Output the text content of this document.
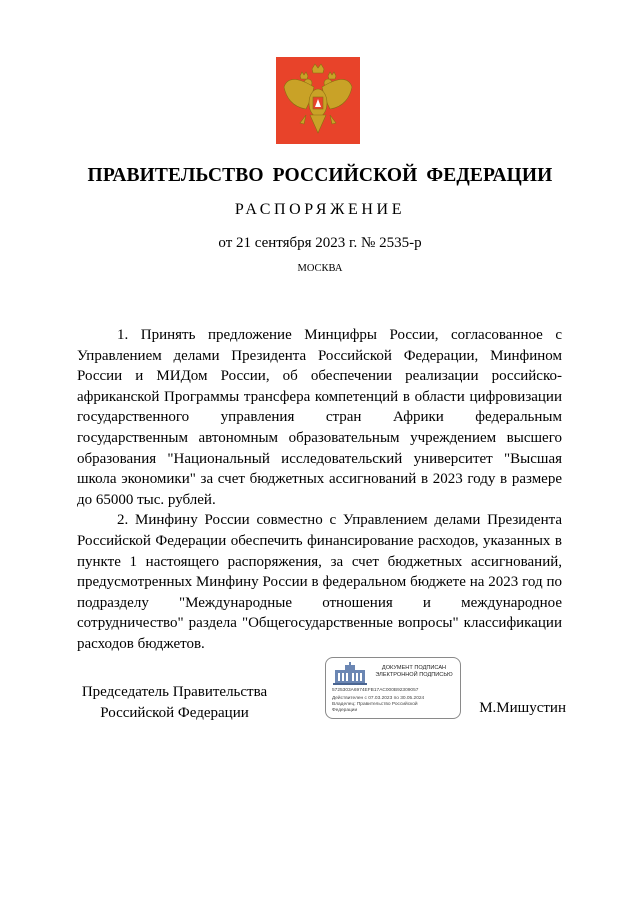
ПРАВИТЕЛЬСТВО РОССИЙСКОЙ ФЕДЕРАЦИИ
РАСПОРЯЖЕНИЕ
от 21 сентября 2023 г. № 2535-р
МОСКВА

1. Принять предложение Минцифры России, согласованное с Управлением делами Президента Российской Федерации, Минфином России и МИДом России, об обеспечении реализации российско-африканской Программы трансфера компетенций в области цифровизации государственного управления стран Африки федеральным государственным автономным образовательным учреждением высшего образования "Национальный исследовательский университет "Высшая школа экономики" за счет бюджетных ассигнований в 2023 году в размере до 65000 тыс. рублей.

2. Минфину России совместно с Управлением делами Президента Российской Федерации обеспечить финансирование расходов, указанных в пункте 1 настоящего распоряжения, за счет бюджетных ассигнований, предусмотренных Минфину России в федеральном бюджете на 2023 год по подразделу "Международные отношения и международное сотрудничество" раздела "Общегосударственные вопросы" классификации расходов бюджетов.

Председатель Правительства
Российской Федерации
ДОКУМЕНТ ПОДПИСАН
ЭЛЕКТРОННОЙ ПОДПИСЬЮ
5725303A6974EFB17AC000B92309057
Действителен с 07.03.2023 по 30.05.2024
Владелец: Правительство Российской
Федерации	М.Мишустин
